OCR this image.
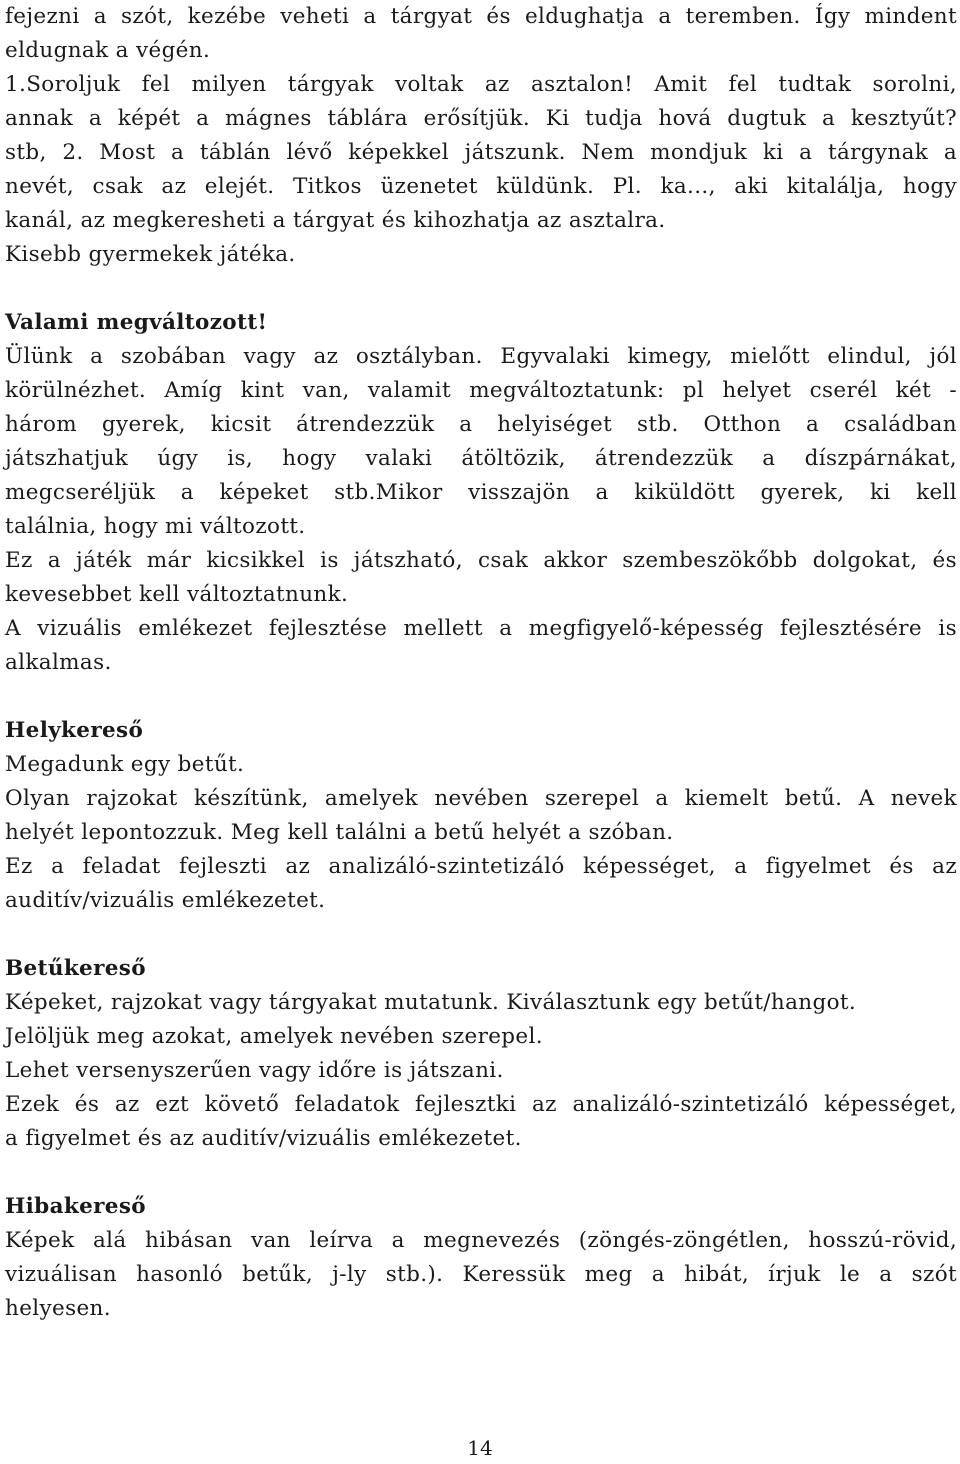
fejezni a szót, kezébe veheti a tárgyat és eldughatja a teremben. Így mindent
eldugnak a végén.
1.Soroljuk fel milyen tárgyak voltak az asztalon! Amit fel tudtak sorolni,
annak a képét a mágnes táblára erősítjük. Ki tudja hová dugtuk a kesztyűt?
stb, 2. Most a táblán lévő képekkel játszunk. Nem mondjuk ki a tárgynak a
nevét, csak az elejét. Titkos üzenetet küldünk. Pl. ka..., aki kitalálja, hogy
kanál, az megkeresheti a tárgyat és kihozhatja az asztalra.
Kisebb gyermekek játéka.
Valami megváltozott!
Ülünk a szobában vagy az osztályban. Egyvalaki kimegy, mielőtt elindul, jól
körülnézhet. Amíg kint van, valamit megváltoztatunk: pl helyet cserél két -
három gyerek, kicsit átrendezzük a helyiséget stb. Otthon a családban
játszhatjuk úgy is, hogy valaki átöltözik, átrendezzük a díszpárnákat,
megcseréljük a képeket stb.Mikor visszajön a kiküldött gyerek, ki kell
találnia, hogy mi változott.
Ez a játék már kicsikkel is játszható, csak akkor szembeszökőbb dolgokat, és
kevesebbet kell változtatnunk.
A vizuális emlékezet fejlesztése mellett a megfigyelő-képesség fejlesztésére is
alkalmas.
Helykereső
Megadunk egy betűt.
Olyan rajzokat készítünk, amelyek nevében szerepel a kiemelt betű. A nevek
helyét lepontozzuk. Meg kell találni a betű helyét a szóban.
Ez a feladat fejleszti az analizáló-szintetizáló képességet, a figyelmet és az
auditív/vizuális emlékezetet.
Betűkereső
Képeket, rajzokat vagy tárgyakat mutatunk. Kiválasztunk egy betűt/hangot.
Jelöljük meg azokat, amelyek nevében szerepel.
Lehet versenyszerűen vagy időre is játszani.
Ezek és az ezt követő feladatok fejlesztki az analizáló-szintetizáló képességet,
a figyelmet és az auditív/vizuális emlékezetet.
Hibakereső
Képek alá hibásan van leírva a megnevezés (zöngés-zöngétlen, hosszú-rövid,
vizuálisan hasonló betűk, j-ly stb.). Keressük meg a hibát, írjuk le a szót
helyesen.
14
